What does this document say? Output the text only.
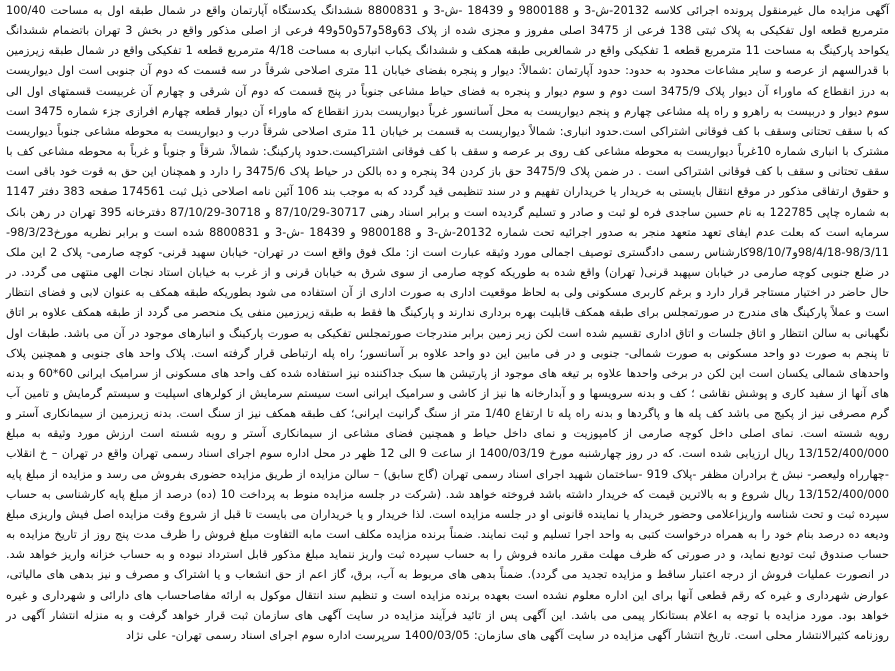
آگهی مزایده مال غیرمنقول پرونده اجرائی کلاسه 20132-ش-3 و 9800188 و 18439 -ش-3 و 8800831 ششدانگ یکدستگاه آپارتمان واقع در شمال طبقه اول به مساحت 100/40 مترمربع قطعه اول تفکیکی به پلاک ثبتی 138 فرعی از 3475 اصلی مفروز و مجزی شده از پلاک 63و58و57و50و49 فرعی از اصلی مذکور واقع در بخش 3 تهران باتضمام ششدانگ یکواحد پارکینگ به مساحت 11 مترمربع قطعه 1 تفکیکی واقع در شمالغربی طبقه همکف و ششدانگ یکباب انباری به مساحت 4/18 مترمربع قطعه 1 تفکیکی واقع در شمال طبقه زیرزمین با قدرالسهم از عرصه و سایر مشاعات محدود به حدود: حدود آپارتمان :شمالاً: دیوار و پنجره بفضای خیابان 11 متری اصلاحی شرقاً در سه قسمت که دوم آن جنوبی است اول دیواریست به درز انقطاع که ماوراء آن دیوار پلاک 3475/9 است دوم و سوم دیوار و پنجره به فضای حیاط مشاعی جنوباً در پنج قسمت که دوم آن شرقی و چهارم آن غربیست قسمتهای اول الی سوم دیوار و دربیست به راهرو و راه پله مشاعی چهارم و پنجم دیواریست به محل آسانسور غرباً دیواریست بدرز انقطاع که ماوراء آن دیوار قطعه چهارم افرازی جزء شماره 3475 است که با سقف تحتانی وسقف با کف فوقانی اشتراکی است.حدود انباری: شمالاً دیواریست به قسمت بر خیابان 11 متری اصلاحی شرقاً درب و دیواریست به محوطه مشاعی جنوباً دیواریست مشترک با انباری شماره 10غرباً دیواریست به محوطه مشاعی کف روی بر عرصه و سقف با کف فوقانی اشتراکیست.حدود پارکینگ: شمالاً، شرقاً و جنوباً و غرباً به محوطه مشاعی کف با سقف تحتانی و سقف با کف فوقانی اشتراکی است . در ضمن پلاک 3475/9 حق باز کردن 34 پنجره و ده بالکن در حیاط پلاک 3475/6 را دارد و همچنان این حق به قوت خود باقی است و حقوق ارتفاقی مذکور در موقع انتقال بایستی به خریدار یا خریداران تفهیم و در سند تنظیمی قید گردد که به موجب بند 106 آئین نامه اصلاحی ذیل ثبت 174561 صفحه 383 دفتر 1147 به شماره چاپی 122785 به نام حسین ساجدی فره لو ثبت و صادر و تسلیم گردیده است و برابر اسناد رهنی 30717-87/10/29 و 30718-87/10/29 دفترخانه 395 تهران در رهن بانک سرمایه است که بعلت عدم ایفای تعهد متعهد منجر به صدور اجرائیه تحت شماره 20132-ش-3 و 9800188 و 18439 -ش-3 و 8800831 شده است و برابر نظریه مورخ98/3/23-98/3/11-98/4/18و98/10/7کارشناس رسمی دادگستری توصیف اجمالی مورد وثیقه عبارت است از: ملک فوق واقع است در تهران- خیابان سهید قرنی- کوچه صارمی- پلاک 2 این ملک در ضلع جنوبی کوچه صارمی در خیابان سپهبد قرنی( تهران) واقع شده به طوریکه کوچه صارمی از سوی شرق به خیابان قرنی و از غرب به خیابان استاد نجات الهی منتهی می گردد. در حال حاضر در اختیار مستاجر قرار دارد و برغم کاربری مسکونی ولی به لحاظ موقعیت اداری به صورت اداری از آن استفاده می شود بطوریکه طبقه همکف به عنوان لابی و فضای انتظار است و عملاً پارکینگ های مندرج در صورتمجلس برای طبقه همکف قابلیت بهره برداری ندارند و پارکینگ ها فقط به طبقه زیرزمین منفی یک منحصر می گردد از طبقه همکف علاوه بر اتاق نگهبانی به سالن انتظار و اتاق جلسات و اتاق اداری تقسیم شده است لکن زیر زمین برابر مندرجات صورتمجلس تفکیکی به صورت پارکینگ و انبارهای موجود در آن می باشد. طبقات اول تا پنجم به صورت دو واحد مسکونی به صورت شمالی- جنوبی و در فی مابین این دو واحد علاوه بر آسانسور؛ راه پله ارتباطی قرار گرفته است. پلاک واحد های جنوبی و همچنین پلاک واحدهای شمالی یکسان است این لکن در برخی واحدها علاوه بر تیغه های موجود از پارتیشن ها سبک جداکننده نیز استفاده شده کف واحد های مسکونی از سرامیک ایرانی 60*60 و بدنه های آنها از سفید کاری و پوشش نقاشی ؛ کف و بدنه سرویسها و و آبدارخانه ها نیز از کاشی و سرامیک ایرانی است سیستم سرمایش از کولرهای اسپلیت و سیستم گرمایش و تامین آب گرم مصرفی نیز از پکیج می باشد کف پله ها و پاگردها و بدنه راه پله تا ارتفاع 1/40 متر از سنگ گرانیت ایرانی؛ کف طبقه همکف نیز از سنگ است. بدنه زیرزمین از سیمانکاری آستر و رویه شسته است. نمای اصلی داخل کوچه صارمی از کامپوزیت و نمای داخل حیاط و همچنین فضای مشاعی از سیمانکاری آستر و رویه شسته است ارزش مورد وثیقه به مبلغ 13/152/400/000 ریال ارزیابی شده است. که در روز چهارشنبه مورخ 1400/03/19 از ساعت 9 الی 12 ظهر در محل اداره سوم اجرای اسناد رسمی تهران واقع در تهران – خ انقلاب -چهارراه ولیعصر- نبش خ برادران مظفر -پلاک 919 -ساختمان شهید اجرای اسناد رسمی تهران (گاج سابق) – سالن مزایده از طریق مزایده حضوری بفروش می رسد و مزایده از مبلغ پایه 13/152/400/000 ریال شروع و به بالاترین قیمت که خریدار داشته باشد فروخته خواهد شد. (شرکت در جلسه مزایده منوط به پرداخت 10 (ده) درصد از مبلغ پایه کارشناسی به حساب سپرده ثبت و تحت شناسه واریزاعلامی وحضور خریدار یا نماینده قانونی او در جلسه مزایده است. لذا خریدار و یا خریداران می بایست تا قبل از شروع وقت مزایده اصل فیش واریزی مبلغ ودیعه ده درصد بنام خود را به همراه درخواست کتبی به واحد اجرا تسلیم و ثبت نمایند. ضمناً برنده مزایده مکلف است مابه التفاوت مبلغ فروش را ظرف مدت پنج روز از تاریخ مزایده به حساب صندوق ثبت تودیع نماید، و در صورتی که ظرف مهلت مقرر مانده فروش را به حساب سپرده ثبت واریز ننماید مبلغ مذکور قابل استرداد نبوده و به حساب خزانه واریز خواهد شد. در انصورت عملیات فروش از درجه اعتبار ساقط و مزایده تجدید می گردد). ضمناً بدهی های مربوط به آب، برق، گاز اعم از حق انشعاب و یا اشتراک و مصرف و نیز بدهی های مالیاتی، عوارض شهرداری و غیره که رقم قطعی آنها برای این اداره معلوم نشده است بعهده برنده مزایده است و تنظیم سند انتقال موکول به ارائه مفاصاحساب های دارائی و شهرداری و غیره خواهد بود. مورد مزایده با توجه به اعلام بستانکار پیمی می باشد. این آگهی پس از تائید فرآیند مزایده در سایت آگهی های سازمان ثبت قرار خواهد گرفت و به منزله انتشار آگهی در روزنامه کثیرالانتشار محلی است. تاریخ انتشار آگهی مزایده در سایت آگهی های سازمان: 1400/03/05 سرپرست اداره سوم اجرای اسناد رسمی تهران- علی نژاد
